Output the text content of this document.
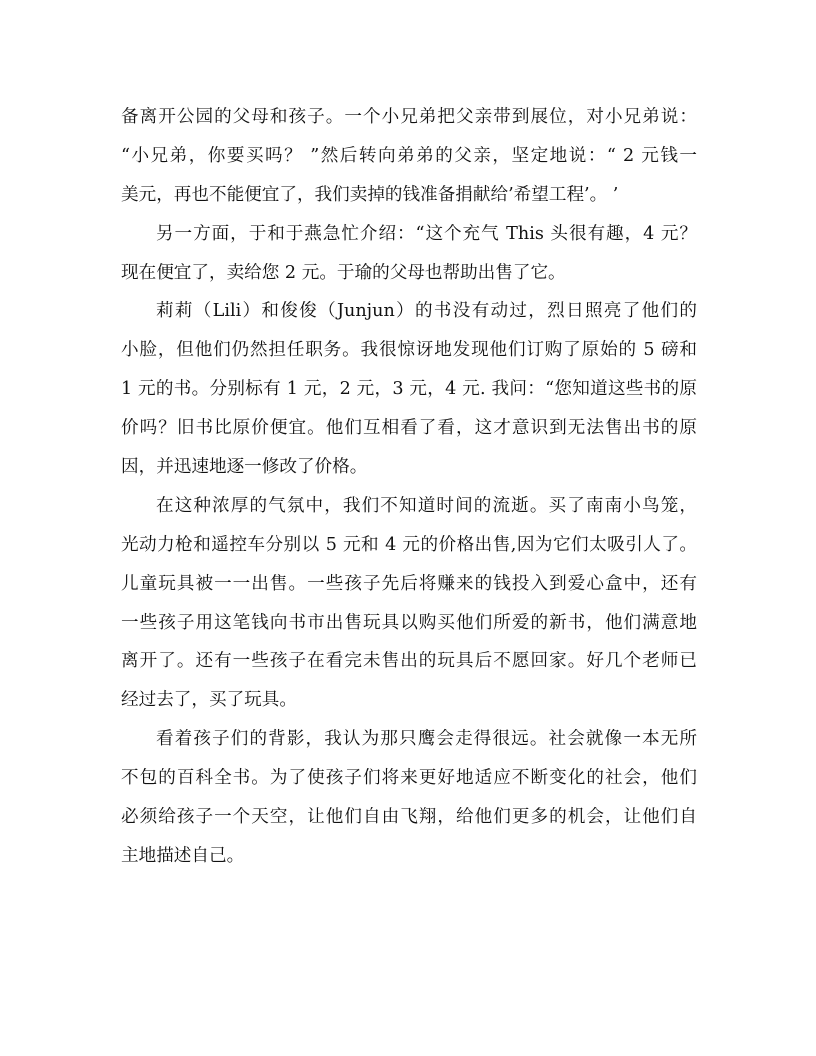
备离开公园的父母和孩子。一个小兄弟把父亲带到展位，对小兄弟说：
“小兄弟，你要买吗？ ”然后转向弟弟的父亲，坚定地说：“ 2 元钱一
美元，再也不能便宜了，我们卖掉的钱准备捐献给’希望工程’。 ’
另一方面，于和于燕急忙介绍：“这个充气 This 头很有趣，4 元？
现在便宜了，卖给您 2 元。于瑜的父母也帮助出售了它。
莉莉（Lili）和俊俊（Junjun）的书没有动过，烈日照亮了他们的
小脸，但他们仍然担任职务。我很惊讶地发现他们订购了原始的 5 磅和
1 元的书。分别标有 1 元，2 元，3 元，4 元. 我问：“您知道这些书的原
价吗？旧书比原价便宜。他们互相看了看，这才意识到无法售出书的原
因，并迅速地逐一修改了价格。
在这种浓厚的气氛中，我们不知道时间的流逝。买了南南小鸟笼，
光动力枪和遥控车分别以 5 元和 4 元的价格出售,因为它们太吸引人了。
儿童玩具被一一出售。一些孩子先后将赚来的钱投入到爱心盒中，还有
一些孩子用这笔钱向书市出售玩具以购买他们所爱的新书，他们满意地
离开了。还有一些孩子在看完未售出的玩具后不愿回家。好几个老师已
经过去了，买了玩具。
看着孩子们的背影，我认为那只鹰会走得很远。社会就像一本无所
不包的百科全书。为了使孩子们将来更好地适应不断变化的社会，他们
必须给孩子一个天空，让他们自由飞翔，给他们更多的机会，让他们自
主地描述自己。
